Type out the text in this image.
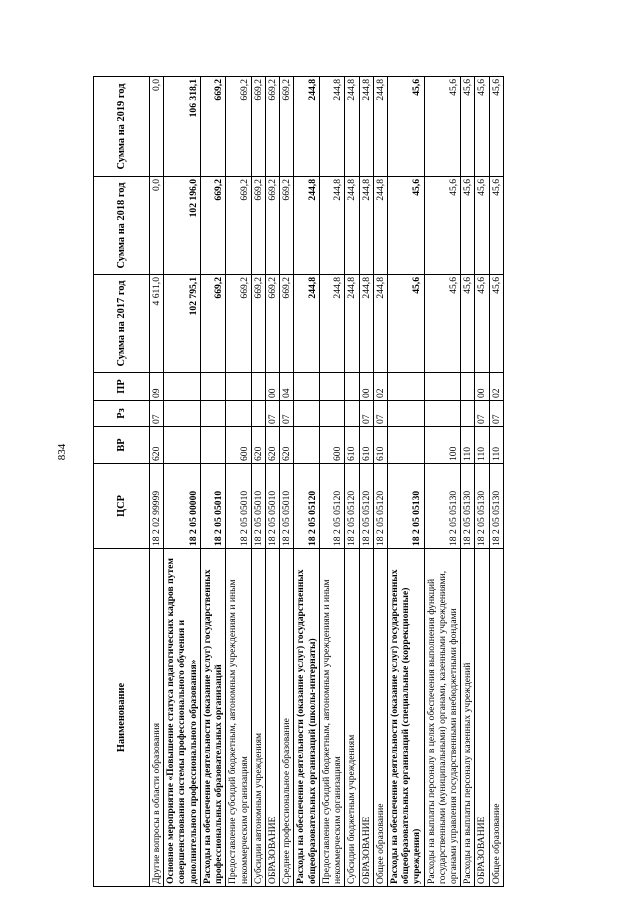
834
Наименование	ЦСР	ВР	Рз	ПР	Сумма на 2017 год	Сумма на 2018 год	Сумма на 2019 год
Другие вопросы в области образования	18 2 02 99999	620	07	09	4 611,0	0,0	0,0
Основное мероприятие «Повышение статуса педагогических кадров путем совершенствования системы профессионального обучения и дополнительного профессионального образования»	18 2 05 00000				102 795,1	102 196,0	106 318,1
Расходы на обеспечение деятельности (оказание услуг) государственных профессиональных образовательных организаций	18 2 05 05010				669,2	669,2	669,2
Предоставление субсидий бюджетным, автономным учреждениям и иным некоммерческим организациям	18 2 05 05010	600			669,2	669,2	669,2
Субсидии автономным учреждениям	18 2 05 05010	620			669,2	669,2	669,2
ОБРАЗОВАНИЕ	18 2 05 05010	620	07	00	669,2	669,2	669,2
Среднее профессиональное образование	18 2 05 05010	620	07	04	669,2	669,2	669,2
Расходы на обеспечение деятельности (оказание услуг) государственных общеобразовательных организаций (школы-интернаты)	18 2 05 05120				244,8	244,8	244,8
Предоставление субсидий бюджетным, автономным учреждениям и иным некоммерческим организациям	18 2 05 05120	600			244,8	244,8	244,8
Субсидии бюджетным учреждениям	18 2 05 05120	610			244,8	244,8	244,8
ОБРАЗОВАНИЕ	18 2 05 05120	610	07	00	244,8	244,8	244,8
Общее образование	18 2 05 05120	610	07	02	244,8	244,8	244,8
Расходы на обеспечение деятельности (оказание услуг) государственных общеобразовательных организаций (специальные (коррекционные) учреждения)	18 2 05 05130				45,6	45,6	45,6
Расходы на выплаты персоналу в целях обеспечения выполнения функций государственными (муниципальными) органами, казенными учреждениями, органами управления государственными внебюджетными фондами	18 2 05 05130	100			45,6	45,6	45,6
Расходы на выплаты персоналу казенных учреждений	18 2 05 05130	110			45,6	45,6	45,6
ОБРАЗОВАНИЕ	18 2 05 05130	110	07	00	45,6	45,6	45,6
Общее образование	18 2 05 05130	110	07	02	45,6	45,6	45,6
